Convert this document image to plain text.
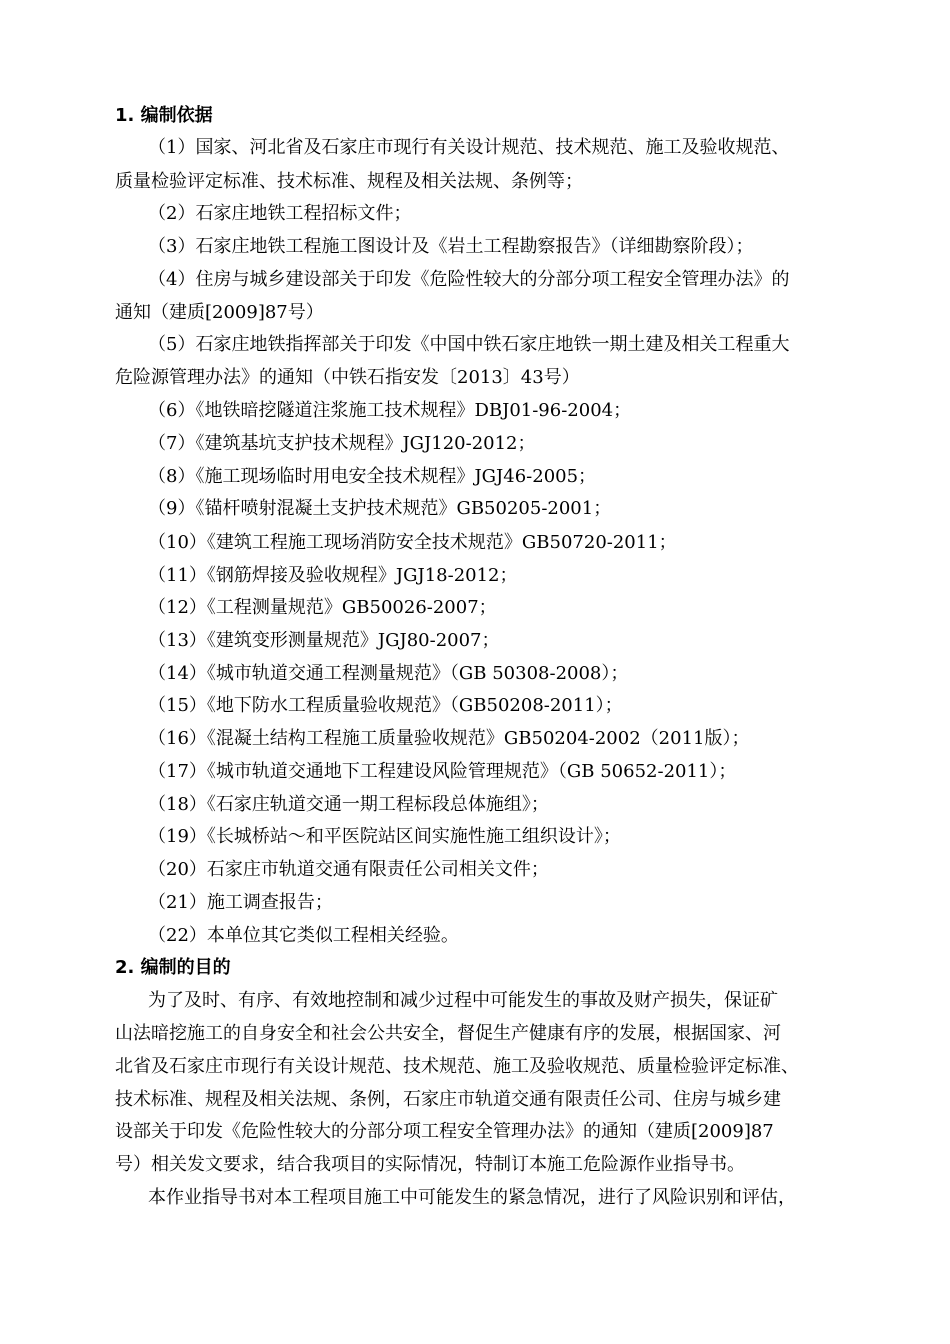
1. 编制依据
（1）国家、河北省及石家庄市现行有关设计规范、技术规范、施工及验收规范、
质量检验评定标准、技术标准、规程及相关法规、条例等；
（2）石家庄地铁工程招标文件；
（3）石家庄地铁工程施工图设计及《岩土工程勘察报告》（详细勘察阶段）；
（4）住房与城乡建设部关于印发《危险性较大的分部分项工程安全管理办法》的
通知（建质[2009]87号）
（5）石家庄地铁指挥部关于印发《中国中铁石家庄地铁一期土建及相关工程重大
危险源管理办法》的通知（中铁石指安发〔2013〕43号）
（6）《地铁暗挖隧道注浆施工技术规程》DBJ01-96-2004；
（7）《建筑基坑支护技术规程》JGJ120-2012；
（8）《施工现场临时用电安全技术规程》JGJ46-2005；
（9）《锚杆喷射混凝土支护技术规范》GB50205-2001；
（10）《建筑工程施工现场消防安全技术规范》GB50720-2011；
（11）《钢筋焊接及验收规程》JGJ18-2012；
（12）《工程测量规范》GB50026-2007；
（13）《建筑变形测量规范》JGJ80-2007；
（14）《城市轨道交通工程测量规范》（GB 50308-2008）；
（15）《地下防水工程质量验收规范》（GB50208-2011）；
（16）《混凝土结构工程施工质量验收规范》GB50204-2002（2011版）；
（17）《城市轨道交通地下工程建设风险管理规范》（GB 50652-2011）；
（18）《石家庄轨道交通一期工程标段总体施组》；
（19）《长城桥站～和平医院站区间实施性施工组织设计》；
（20）石家庄市轨道交通有限责任公司相关文件；
（21）施工调查报告；
（22）本单位其它类似工程相关经验。
2. 编制的目的
为了及时、有序、有效地控制和减少过程中可能发生的事故及财产损失，保证矿
山法暗挖施工的自身安全和社会公共安全，督促生产健康有序的发展，根据国家、河
北省及石家庄市现行有关设计规范、技术规范、施工及验收规范、质量检验评定标准、
技术标准、规程及相关法规、条例，石家庄市轨道交通有限责任公司、住房与城乡建
设部关于印发《危险性较大的分部分项工程安全管理办法》的通知（建质[2009]87
号）相关发文要求，结合我项目的实际情况，特制订本施工危险源作业指导书。
本作业指导书对本工程项目施工中可能发生的紧急情况，进行了风险识别和评估，
